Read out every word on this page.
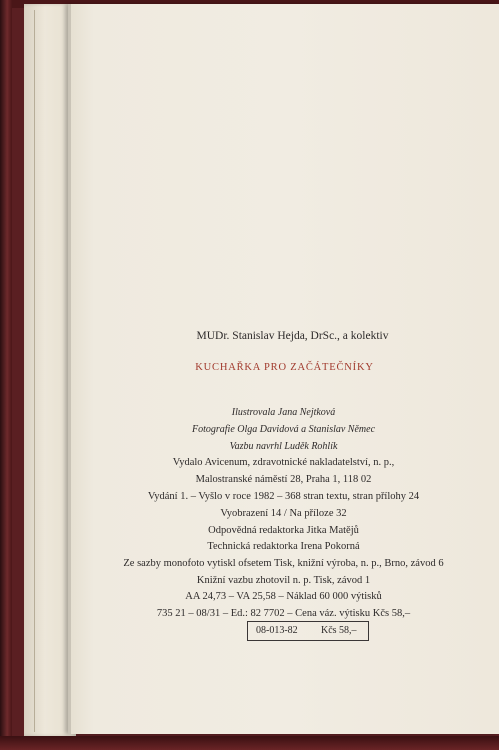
MUDr. Stanislav Hejda, DrSc., a kolektiv
KUCHAŘKA PRO ZAČÁTEČNÍKY
Ilustrovala Jana Nejtková
Fotografie Olga Davidová a Stanislav Němec
Vazbu navrhl Luděk Rohlík
Vydalo Avicenum, zdravotnické nakladatelství, n. p.,
Malostranské náměstí 28, Praha 1, 118 02
Vydání 1. – Vyšlo v roce 1982 – 368 stran textu, stran přílohy 24
Vyobrazení 14 / Na příloze 32
Odpovědná redaktorka Jitka Matějů
Technická redaktorka Irena Pokorná
Ze sazby monofoto vytiskl ofsetem Tisk, knižní výroba, n. p., Brno, závod 6
Knižní vazbu zhotovil n. p. Tisk, závod 1
AA 24,73 – VA 25,58 – Náklad 60 000 výtisků
735 21 – 08/31 – Ed.: 82 7702 – Cena váz. výtisku Kčs 58,–
08-013-82 Kčs 58,–
